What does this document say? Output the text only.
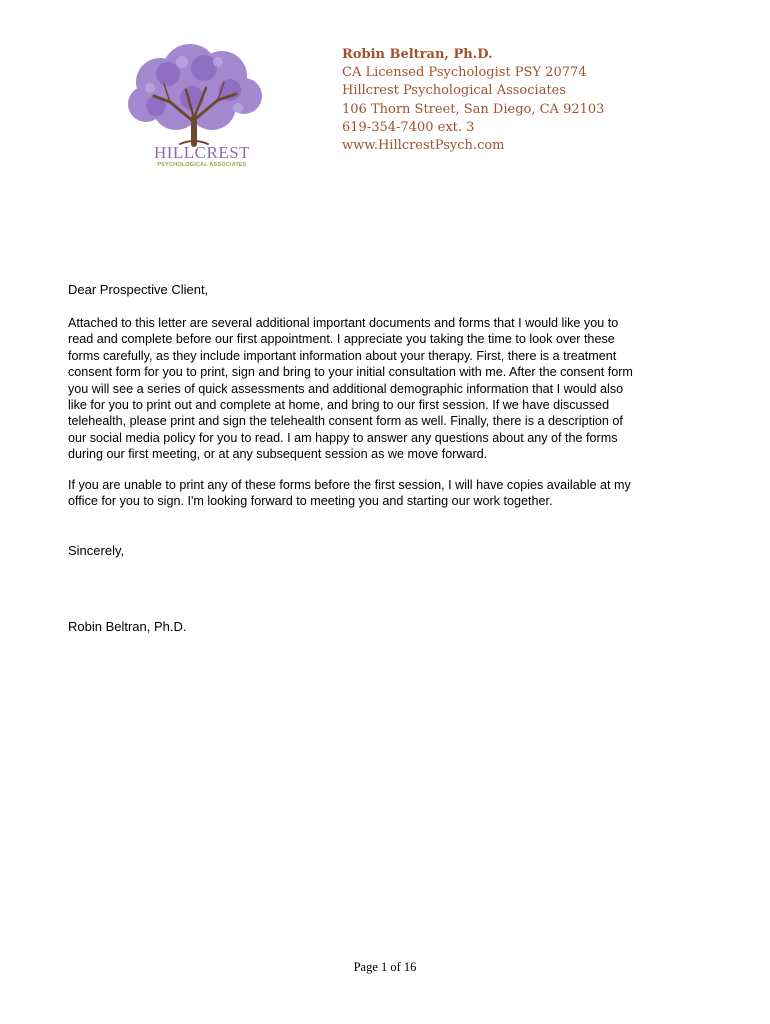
HILLCREST
PSYCHOLOGICAL ASSOCIATES
Robin Beltran, Ph.D.
CA Licensed Psychologist PSY 20774
Hillcrest Psychological Associates
106 Thorn Street, San Diego, CA 92103
619-354-7400 ext. 3
www.HillcrestPsych.com
Dear Prospective Client,
Attached to this letter are several additional important documents and forms that I would like you to
read and complete before our first appointment. I appreciate you taking the time to look over these
forms carefully, as they include important information about your therapy. First, there is a treatment
consent form for you to print, sign and bring to your initial consultation with me. After the consent form
you will see a series of quick assessments and additional demographic information that I would also
like for you to print out and complete at home, and bring to our first session. If we have discussed
telehealth, please print and sign the telehealth consent form as well. Finally, there is a description of
our social media policy for you to read. I am happy to answer any questions about any of the forms
during our first meeting, or at any subsequent session as we move forward.
If you are unable to print any of these forms before the first session, I will have copies available at my
office for you to sign. I'm looking forward to meeting you and starting our work together.
Sincerely,
Robin Beltran, Ph.D.
Page 1 of 16
